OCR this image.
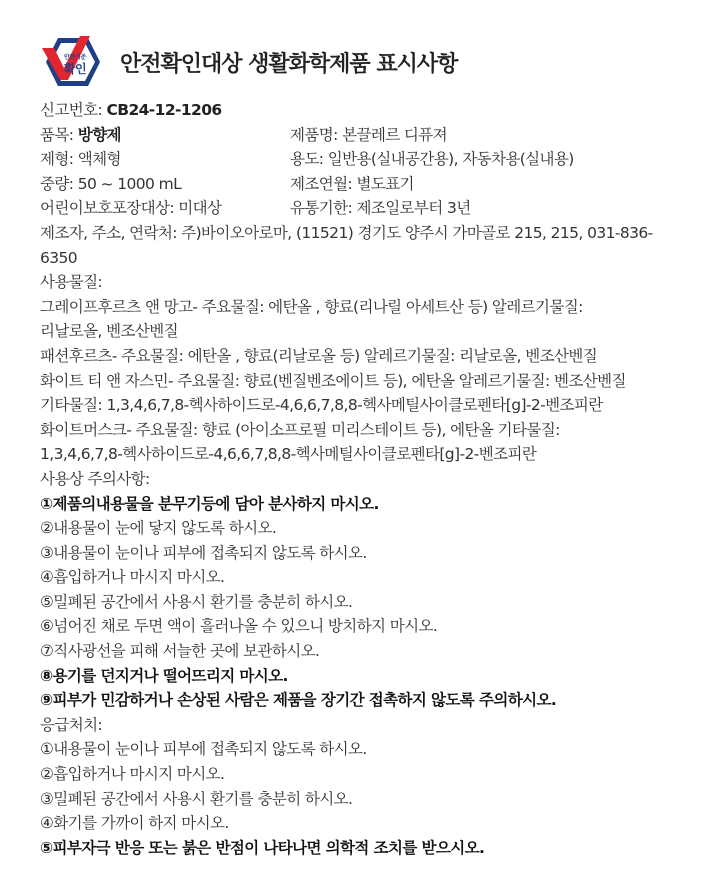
안전기준
확인	안전확인대상 생활화학제품 표시사항
신고번호: CB24-12-1206
품목: 방향제	제품명: 본끌레르 디퓨져
제형: 액체형	용도: 일반용(실내공간용), 자동차용(실내용)
중량: 50 ~ 1000 mL	제조연월: 별도표기
어린이보호포장대상: 미대상	유통기한: 제조일로부터 3년
제조자, 주소, 연락처: 주)바이오아로마, (11521) 경기도 양주시 가마골로 215, 215, 031-836-
6350
사용물질:
그레이프후르츠 앤 망고- 주요물질: 에탄올 , 향료(리나릴 아세트산 등) 알레르기물질:
리날로올, 벤조산벤질
패션후르츠- 주요물질: 에탄올 , 향료(리날로올 등) 알레르기물질: 리날로올, 벤조산벤질
화이트 티 앤 자스민- 주요물질: 향료(벤질벤조에이트 등), 에탄올 알레르기물질: 벤조산벤질
기타물질: 1,3,4,6,7,8-헥사하이드로-4,6,6,7,8,8-헥사메틸사이클로펜타[g]-2-벤조피란
화이트머스크- 주요물질: 향료 (아이소프로필 미리스테이트 등), 에탄올 기타물질:
1,3,4,6,7,8-헥사하이드로-4,6,6,7,8,8-헥사메틸사이클로펜타[g]-2-벤조피란
사용상 주의사항:
①제품의내용물을 분무기등에 담아 분사하지 마시오.
②내용물이 눈에 닿지 않도록 하시오.
③내용물이 눈이나 피부에 접촉되지 않도록 하시오.
④흡입하거나 마시지 마시오.
⑤밀폐된 공간에서 사용시 환기를 충분히 하시오.
⑥넘어진 채로 두면 액이 흘러나올 수 있으니 방치하지 마시오.
⑦직사광선을 피해 서늘한 곳에 보관하시오.
⑧용기를 던지거나 떨어뜨리지 마시오.
⑨피부가 민감하거나 손상된 사람은 제품을 장기간 접촉하지 않도록 주의하시오.
응급처치:
①내용물이 눈이나 피부에 접촉되지 않도록 하시오.
②흡입하거나 마시지 마시오.
③밀폐된 공간에서 사용시 환기를 충분히 하시오.
④화기를 가까이 하지 마시오.
⑤피부자극 반응 또는 붉은 반점이 나타나면 의학적 조치를 받으시오.
